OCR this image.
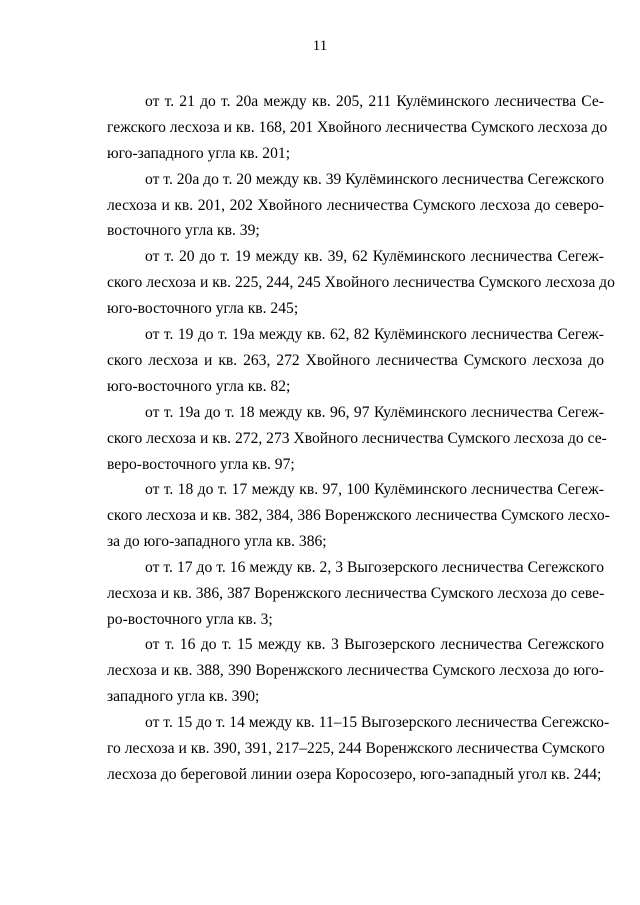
11
от т. 21 до т. 20а между кв. 205, 211 Кулёминского лесничества Се-
гежского лесхоза и кв. 168, 201 Хвойного лесничества Сумского лесхоза до
юго-западного угла кв. 201;
от т. 20а до т. 20 между кв. 39 Кулёминского лесничества Сегежского
лесхоза и кв. 201, 202 Хвойного лесничества Сумского лесхоза до северо-
восточного угла кв. 39;
от т. 20 до т. 19 между кв. 39, 62 Кулёминского лесничества Сегеж-
ского лесхоза и кв. 225, 244, 245 Хвойного лесничества Сумского лесхоза до
юго-восточного угла кв. 245;
от т. 19 до т. 19а между кв. 62, 82 Кулёминского лесничества Сегеж-
ского лесхоза и кв. 263, 272 Хвойного лесничества Сумского лесхоза до
юго-восточного угла кв. 82;
от т. 19а до т. 18 между кв. 96, 97 Кулёминского лесничества Сегеж-
ского лесхоза и кв. 272, 273 Хвойного лесничества Сумского лесхоза до се-
веро-восточного угла кв. 97;
от т. 18 до т. 17 между кв. 97, 100 Кулёминского лесничества Сегеж-
ского лесхоза и кв. 382, 384, 386 Воренжского лесничества Сумского лесхо-
за до юго-западного угла кв. 386;
от т. 17 до т. 16 между кв. 2, 3 Выгозерского лесничества Сегежского
лесхоза и кв. 386, 387 Воренжского лесничества Сумского лесхоза до севе-
ро-восточного угла кв. 3;
от т. 16 до т. 15 между кв. 3 Выгозерского лесничества Сегежского
лесхоза и кв. 388, 390 Воренжского лесничества Сумского лесхоза до юго-
западного угла кв. 390;
от т. 15 до т. 14 между кв. 11–15 Выгозерского лесничества Сегежско-
го лесхоза и кв. 390, 391, 217–225, 244 Воренжского лесничества Сумского
лесхоза до береговой линии озера Коросозеро, юго-западный угол кв. 244;
